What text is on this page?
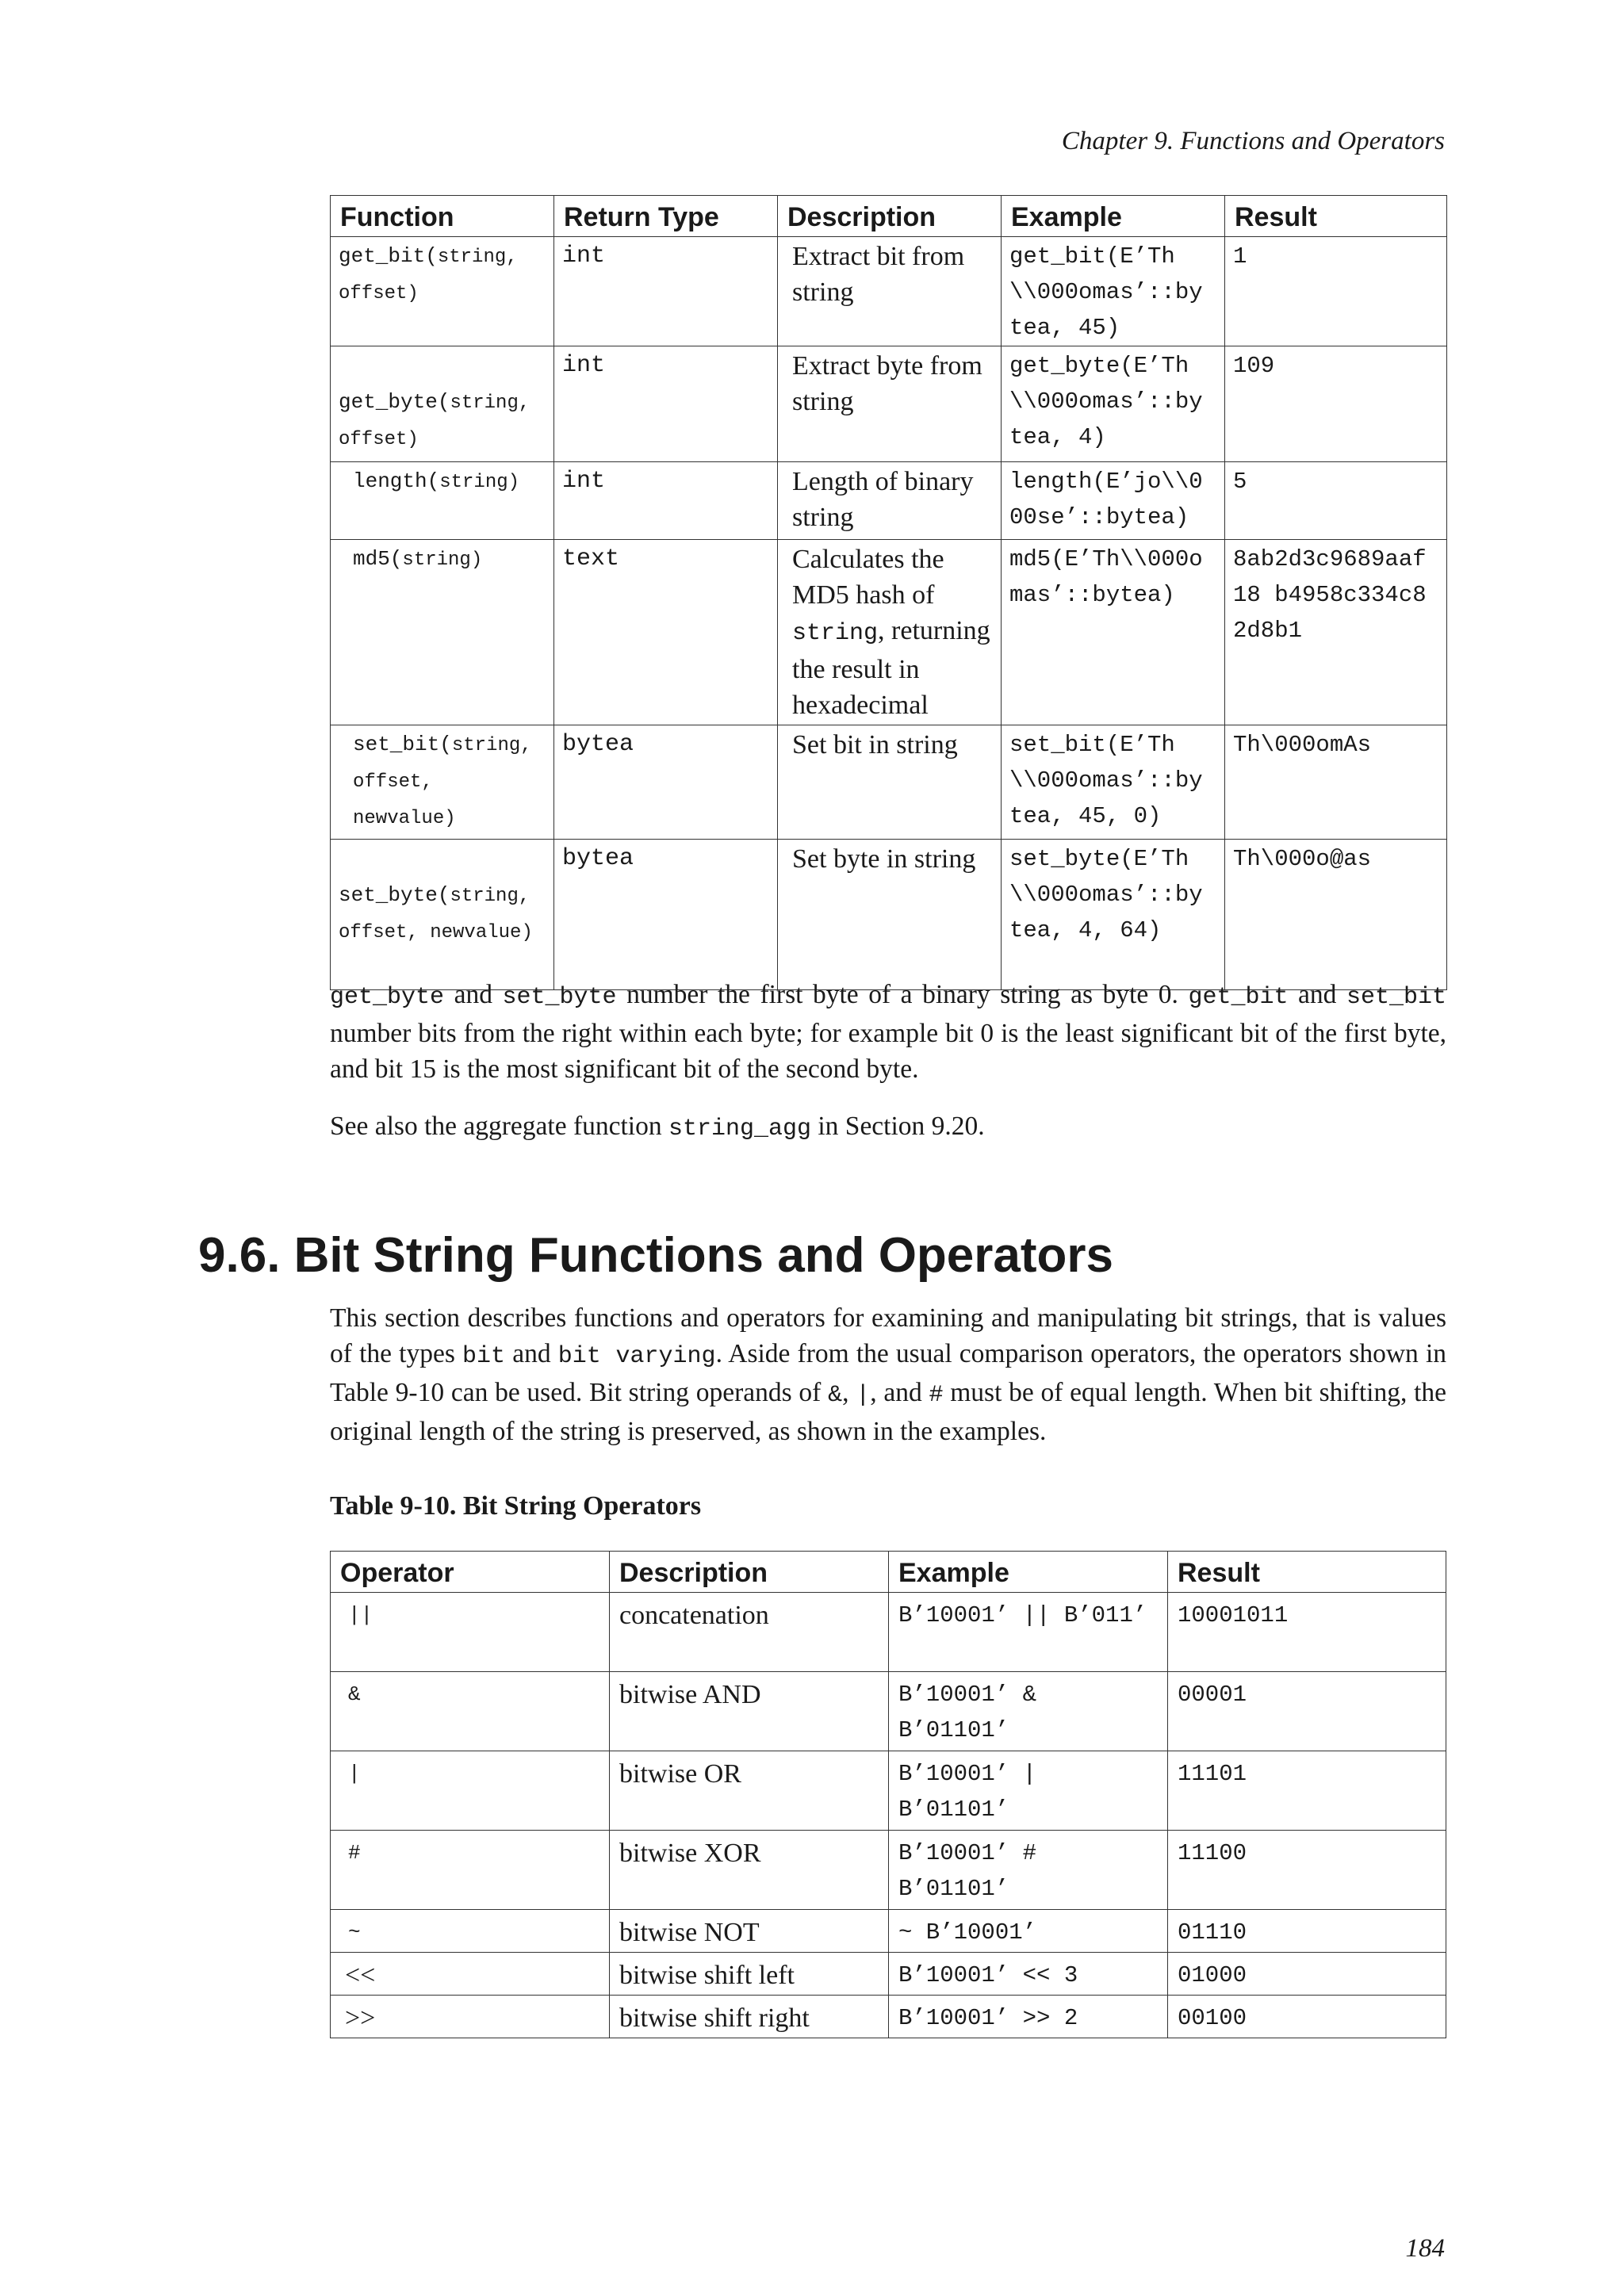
Chapter 9. Functions and Operators
Function	Return Type	Description	Example	Result
get_bit(string, offset)	int	Extract bit from string	get_bit(E’Th\\000omas’::bytea, 45)	1
get_byte(string, offset)	int	Extract byte from string	get_byte(E’Th\\000omas’::bytea, 4)	109
length(string)	int	Length of binary string	length(E’jo\\000se’::bytea)	5
md5(string)	text	Calculates the MD5 hash of string, returning the result in hexadecimal	md5(E’Th\\000omas’::bytea)	8ab2d3c9689aaf18 b4958c334c82d8b1
set_bit(string, offset, newvalue)	bytea	Set bit in string	set_bit(E’Th\\000omas’::bytea, 45, 0)	Th\000omAs
set_byte(string, offset, newvalue)	bytea	Set byte in string	set_byte(E’Th\\000omas’::bytea, 4, 64)	Th\000o@as

get_byte and set_byte number the first byte of a binary string as byte 0. get_bit and set_bit number bits from the right within each byte; for example bit 0 is the least significant bit of the first byte, and bit 15 is the most significant bit of the second byte.

See also the aggregate function string_agg in Section 9.20.

9.6. Bit String Functions and Operators

This section describes functions and operators for examining and manipulating bit strings, that is values of the types bit and bit varying. Aside from the usual comparison operators, the operators shown in Table 9-10 can be used. Bit string operands of &, |, and # must be of equal length. When bit shifting, the original length of the string is preserved, as shown in the examples.

Table 9-10. Bit String Operators
Operator	Description	Example	Result
||	concatenation	B’10001’ || B’011’	10001011
&	bitwise AND	B’10001’ & B’01101’	00001
|	bitwise OR	B’10001’ | B’01101’	11101
#	bitwise XOR	B’10001’ # B’01101’	11100
~	bitwise NOT	~ B’10001’	01110
<<	bitwise shift left	B’10001’ << 3	01000
>>	bitwise shift right	B’10001’ >> 2	00100
184
